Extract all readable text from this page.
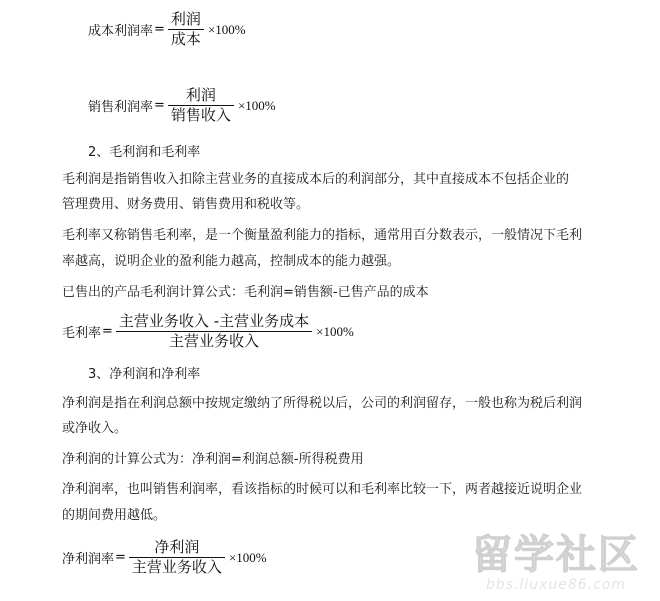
成本利润率 = $\frac{\text{利润}}{\text{成本}} \times 100\%$
销售利润率 = $\frac{\text{利润}}{\text{销售收入}} \times 100\%$
2、毛利润和毛利率
毛利润是指销售收入扣除主营业务的直接成本后的利润部分，其中直接成本不包括企业的
管理费用、财务费用、销售费用和税收等。
毛利率又称销售毛利率，是一个衡量盈利能力的指标，通常用百分数表示，一般情况下毛利
率越高，说明企业的盈利能力越高，控制成本的能力越强。
已售出的产品毛利润计算公式：毛利润=销售额-已售产品的成本
毛利率 = $\frac{\text{主营业务收入 -主营业务成本}}{\text{主营业务收入}} \times 100\%$
3、净利润和净利率
净利润是指在利润总额中按规定缴纳了所得税以后，公司的利润留存，一般也称为税后利润
或净收入。
净利润的计算公式为：净利润=利润总额-所得税费用
净利润率，也叫销售利润率，看该指标的时候可以和毛利率比较一下，两者越接近说明企业
的期间费用越低。
净利润率 = $\frac{\text{净利润}}{\text{主营业务收入}} \times 100\%$	留学社区
bbs.liuxue86.com
